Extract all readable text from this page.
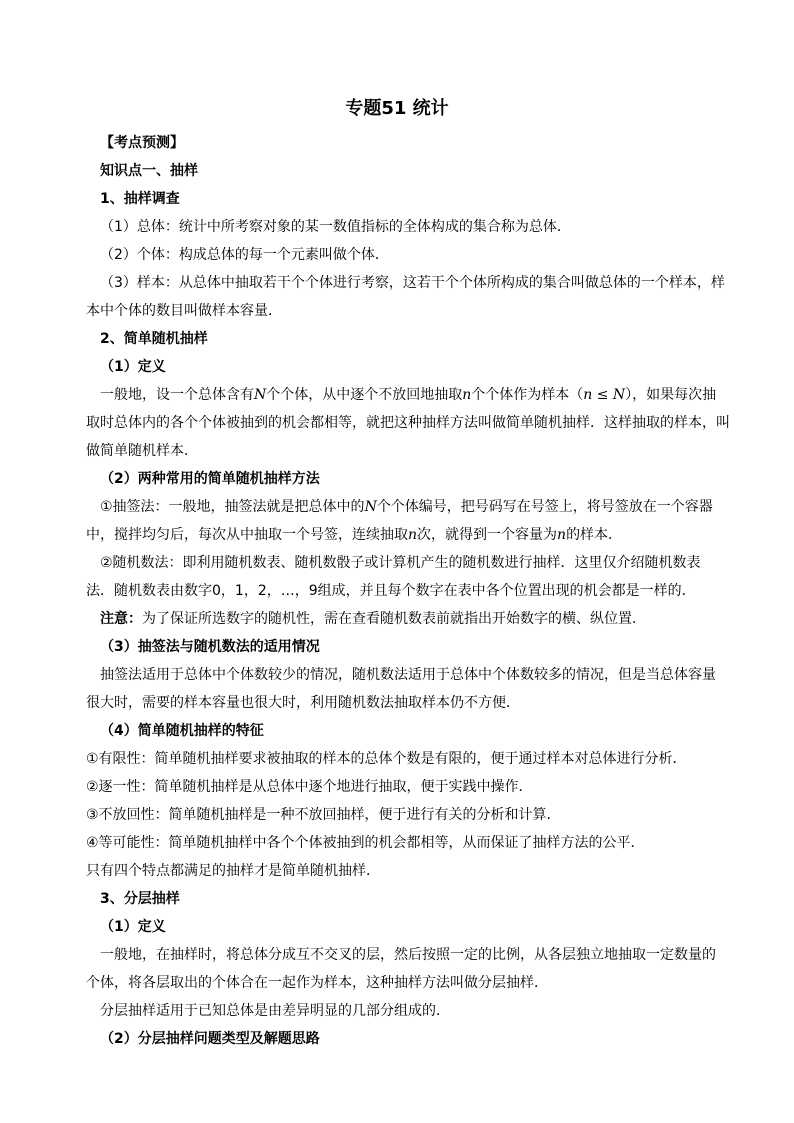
专题51 统计
【考点预测】
知识点一、抽样
1、抽样调查
（1）总体：统计中所考察对象的某一数值指标的全体构成的集合称为总体．
（2）个体：构成总体的每一个元素叫做个体．
（3）样本：从总体中抽取若干个个体进行考察，这若干个个体所构成的集合叫做总体的一个样本，样
本中个体的数目叫做样本容量．
2、简单随机抽样
（1）定义
一般地，设一个总体含有N个个体，从中逐个不放回地抽取n个个体作为样本（n ≤ N），如果每次抽
取时总体内的各个个体被抽到的机会都相等，就把这种抽样方法叫做简单随机抽样．这样抽取的样本，叫
做简单随机样本．
（2）两种常用的简单随机抽样方法
①抽签法：一般地，抽签法就是把总体中的N个个体编号，把号码写在号签上，将号签放在一个容器
中，搅拌均匀后，每次从中抽取一个号签，连续抽取n次，就得到一个容量为n的样本．
②随机数法：即利用随机数表、随机数骰子或计算机产生的随机数进行抽样．这里仅介绍随机数表
法．随机数表由数字0，1，2，…，9组成，并且每个数字在表中各个位置出现的机会都是一样的．
注意：为了保证所选数字的随机性，需在查看随机数表前就指出开始数字的横、纵位置．
（3）抽签法与随机数法的适用情况
抽签法适用于总体中个体数较少的情况，随机数法适用于总体中个体数较多的情况，但是当总体容量
很大时，需要的样本容量也很大时，利用随机数法抽取样本仍不方便．
（4）简单随机抽样的特征
①有限性：简单随机抽样要求被抽取的样本的总体个数是有限的，便于通过样本对总体进行分析．
②逐一性：简单随机抽样是从总体中逐个地进行抽取，便于实践中操作．
③不放回性：简单随机抽样是一种不放回抽样，便于进行有关的分析和计算．
④等可能性：简单随机抽样中各个个体被抽到的机会都相等，从而保证了抽样方法的公平．
只有四个特点都满足的抽样才是简单随机抽样．
3、分层抽样
（1）定义
一般地，在抽样时，将总体分成互不交叉的层，然后按照一定的比例，从各层独立地抽取一定数量的
个体，将各层取出的个体合在一起作为样本，这种抽样方法叫做分层抽样．
分层抽样适用于已知总体是由差异明显的几部分组成的．
（2）分层抽样问题类型及解题思路
